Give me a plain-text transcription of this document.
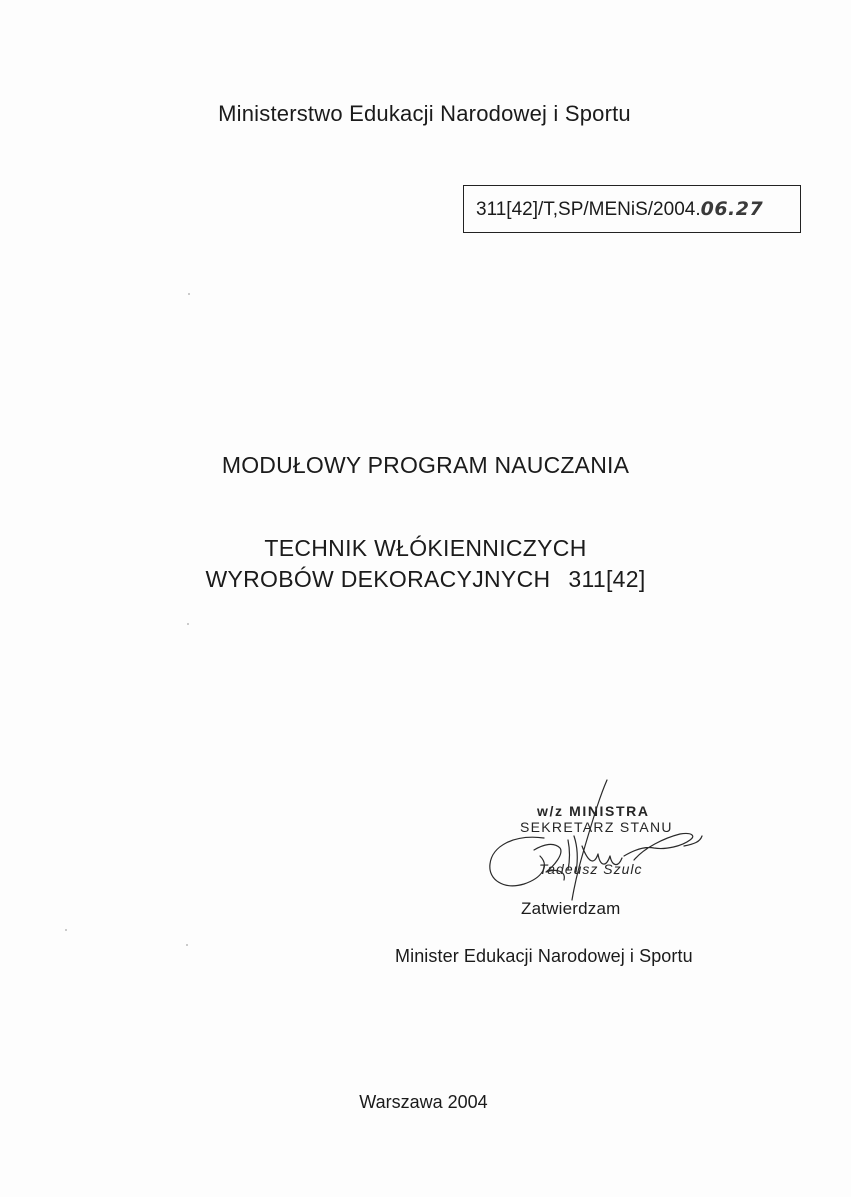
Ministerstwo Edukacji Narodowej i Sportu
311[42]/T,SP/MENiS/2004.06.27
MODUŁOWY PROGRAM NAUCZANIA
TECHNIK WŁÓKIENNICZYCH
WYROBÓW DEKORACYJNYCH 311[42]
w/z MINISTRA
SEKRETARZ STANU
Tadeusz Szulc
Zatwierdzam
Minister Edukacji Narodowej i Sportu
Warszawa 2004
